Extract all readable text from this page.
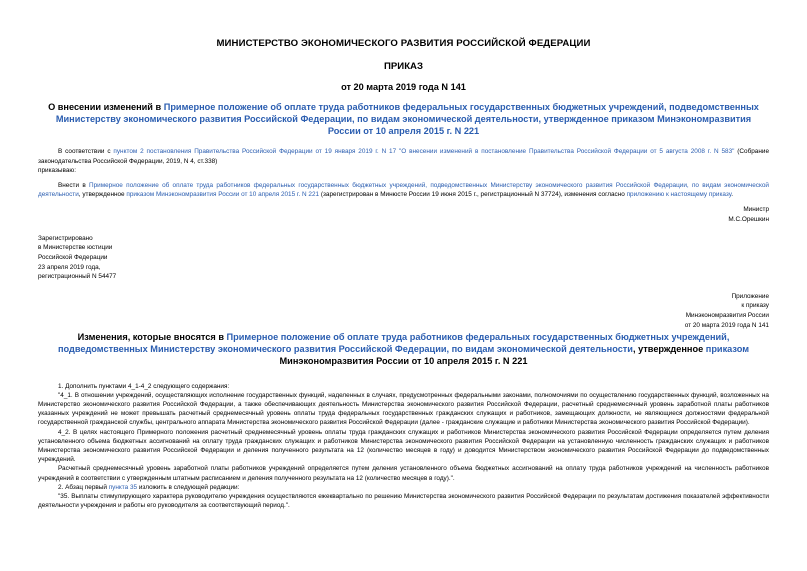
МИНИСТЕРСТВО ЭКОНОМИЧЕСКОГО РАЗВИТИЯ РОССИЙСКОЙ ФЕДЕРАЦИИ
ПРИКАЗ
от 20 марта 2019 года N 141
О внесении изменений в Примерное положение об оплате труда работников федеральных государственных бюджетных учреждений, подведомственных Министерству экономического развития Российской Федерации, по видам экономической деятельности, утвержденное приказом Минэкономразвития России от 10 апреля 2015 г. N 221

В соответствии с пунктом 2 постановления Правительства Российской Федерации от 19 января 2019 г. N 17 "О внесении изменений в постановление Правительства Российской Федерации от 5 августа 2008 г. N 583" (Собрание законодательства Российской Федерации, 2019, N 4, ст.338)

приказываю:

Внести в Примерное положение об оплате труда работников федеральных государственных бюджетных учреждений, подведомственных Министерству экономического развития Российской Федерации, по видам экономической деятельности, утвержденное приказом Минэкономразвития России от 10 апреля 2015 г. N 221 (зарегистрирован в Минюсте России 19 июня 2015 г., регистрационный N 37724), изменения согласно приложению к настоящему приказу.

Министр
М.С.Орешкин
Зарегистрировано
в Министерстве юстиции
Российской Федерации
23 апреля 2019 года,
регистрационный N 54477
Приложение
к приказу
Минэкономразвития России
от 20 марта 2019 года N 141
Изменения, которые вносятся в Примерное положение об оплате труда работников федеральных государственных бюджетных учреждений, подведомственных Министерству экономического развития Российской Федерации, по видам экономической деятельности, утвержденное приказом Минэкономразвития России от 10 апреля 2015 г. N 221

1. Дополнить пунктами 4_1-4_2 следующего содержания:

"4_1. В отношении учреждений, осуществляющих исполнение государственных функций, наделенных в случаях, предусмотренных федеральными законами, полномочиями по осуществлению государственных функций, возложенных на Министерство экономического развития Российской Федерации, а также обеспечивающих деятельность Министерства экономического развития Российской Федерации, расчетный среднемесячный уровень заработной платы работников указанных учреждений не может превышать расчетный среднемесячный уровень оплаты труда федеральных государственных гражданских служащих и работников, замещающих должности, не являющиеся должностями федеральной государственной гражданской службы, центрального аппарата Министерства экономического развития Российской Федерации (далее - гражданские служащие и работники Министерства экономического развития Российской Федерации).

4_2. В целях настоящего Примерного положения расчетный среднемесячный уровень оплаты труда гражданских служащих и работников Министерства экономического развития Российской Федерации определяется путем деления установленного объема бюджетных ассигнований на оплату труда гражданских служащих и работников Министерства экономического развития Российской Федерации на установленную численность гражданских служащих и работников Министерства экономического развития Российской Федерации и деления полученного результата на 12 (количество месяцев в году) и доводится Министерством экономического развития Российской Федерации до подведомственных учреждений.

Расчетный среднемесячный уровень заработной платы работников учреждений определяется путем деления установленного объема бюджетных ассигнований на оплату труда работников учреждений на численность работников учреждений в соответствии с утвержденным штатным расписанием и деления полученного результата на 12 (количество месяцев в году).".

2. Абзац первый пункта 35 изложить в следующей редакции:

"35. Выплаты стимулирующего характера руководителю учреждения осуществляются ежеквартально по решению Министерства экономического развития Российской Федерации по результатам достижения показателей эффективности деятельности учреждения и работы его руководителя за соответствующий период.".
